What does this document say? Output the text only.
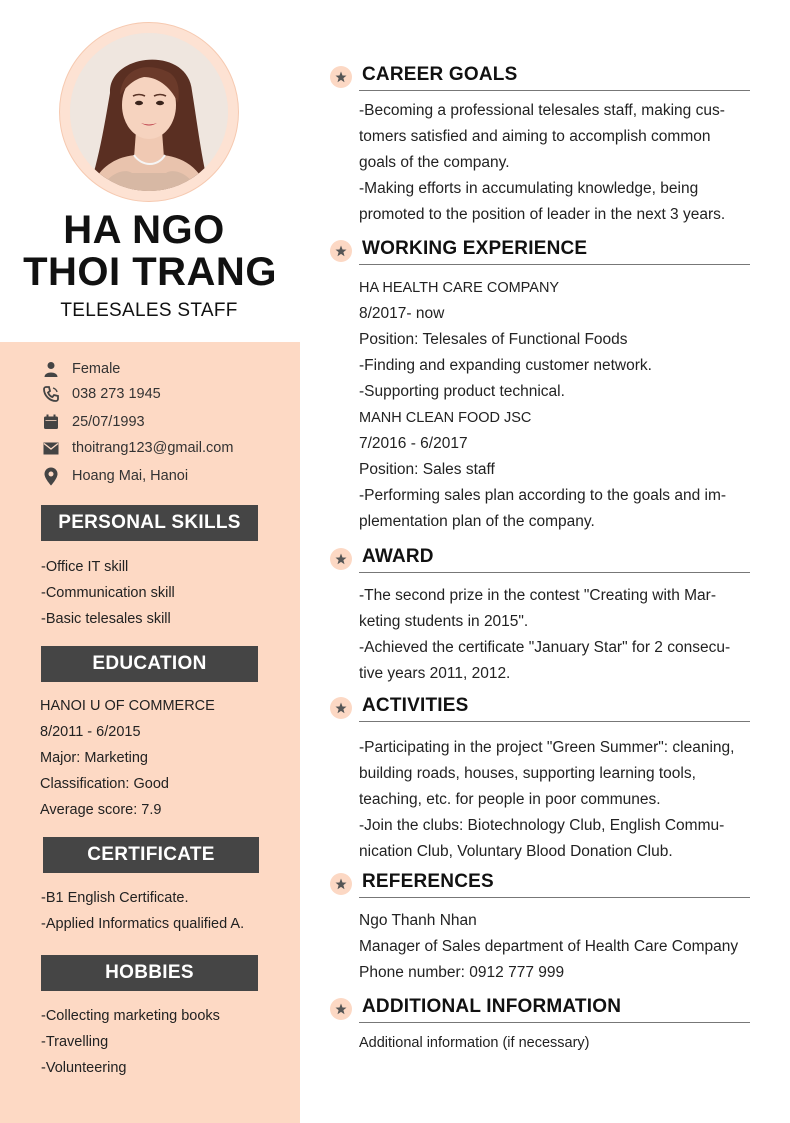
HA NGO
THOI TRANG
TELESALES STAFF
Female
038 273 1945
25/07/1993
thoitrang123@gmail.com
Hoang Mai, Hanoi
PERSONAL SKILLS
-Office IT skill
-Communication skill
-Basic telesales skill
EDUCATION
HANOI U OF COMMERCE
8/2011 - 6/2015
Major: Marketing
Classification: Good
Average score: 7.9
CERTIFICATE
-B1 English Certificate.
-Applied Informatics qualified A.
HOBBIES
-Collecting marketing books
-Travelling
-Volunteering
CAREER GOALS
-Becoming a professional telesales staff, making cus-
tomers satisfied and aiming to accomplish common
goals of the company.
-Making efforts in accumulating knowledge, being
promoted to the position of leader in the next 3 years.
WORKING EXPERIENCE
HA HEALTH CARE COMPANY
8/2017- now
Position: Telesales of Functional Foods
-Finding and expanding customer network.
-Supporting product technical.
MANH CLEAN FOOD JSC
7/2016 - 6/2017
Position: Sales staff
-Performing sales plan according to the goals and im-
plementation plan of the company.
AWARD
-The second prize in the contest "Creating with Mar-
keting students in 2015".
-Achieved the certificate "January Star" for 2 consecu-
tive years 2011, 2012.
ACTIVITIES
-Participating in the project "Green Summer": cleaning,
building roads, houses, supporting learning tools,
teaching, etc. for people in poor communes.
-Join the clubs: Biotechnology Club, English Commu-
nication Club, Voluntary Blood Donation Club.
REFERENCES
Ngo Thanh Nhan
Manager of Sales department of Health Care Company
Phone number: 0912 777 999
ADDITIONAL INFORMATION
Additional information (if necessary)
